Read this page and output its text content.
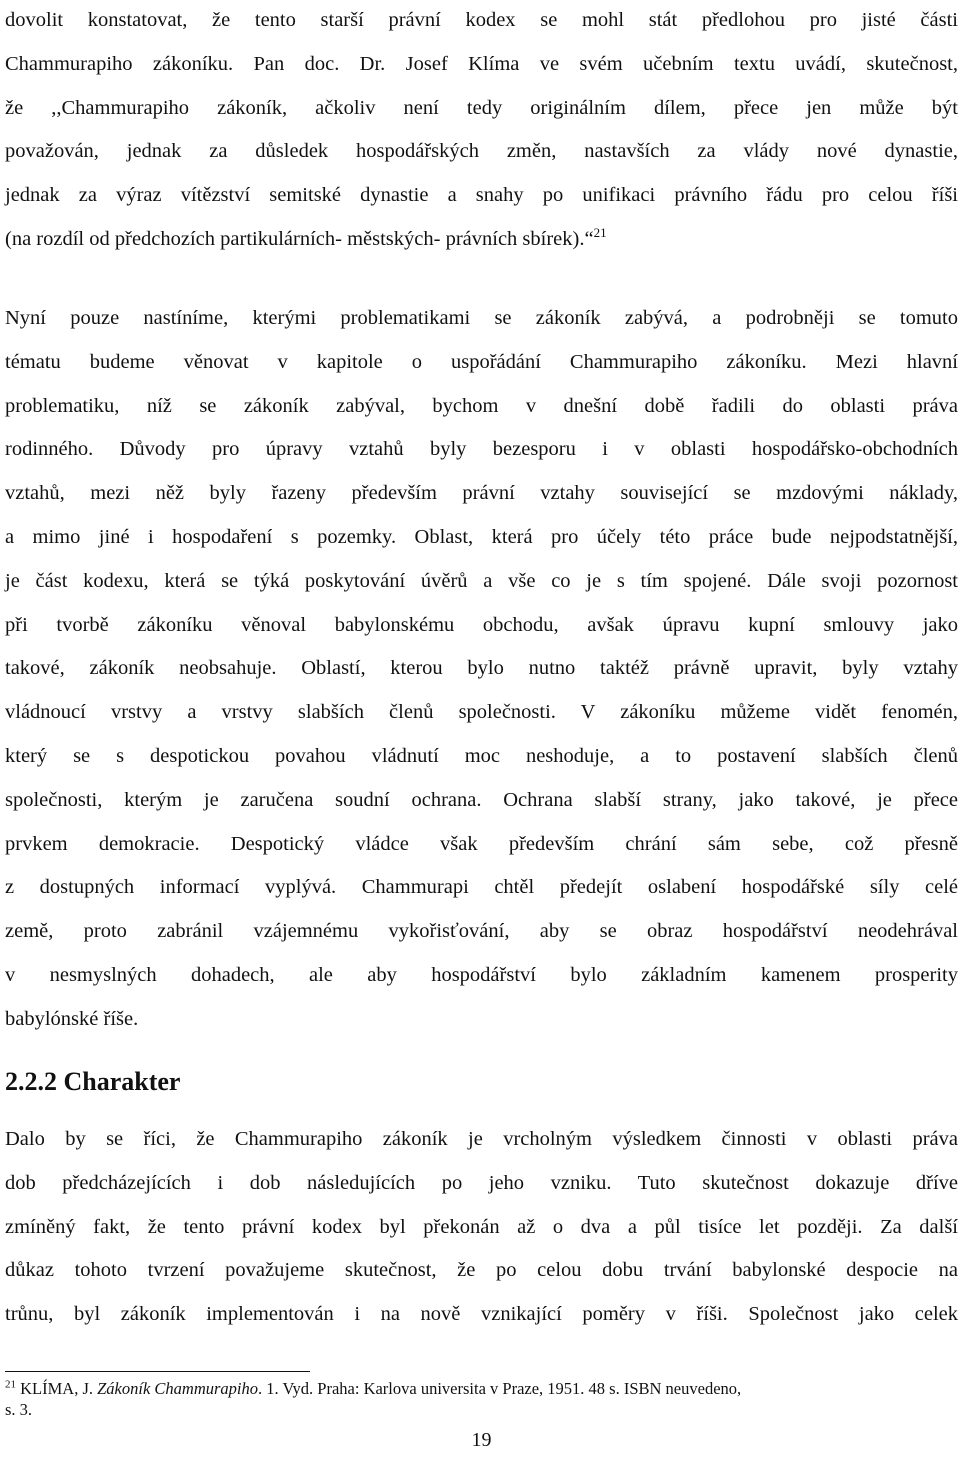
dovolit konstatovat, že tento starší právní kodex se mohl stát předlohou pro jisté části
Chammurapiho zákoníku. Pan doc. Dr. Josef Klíma ve svém učebním textu uvádí, skutečnost,
že ,,Chammurapiho zákoník, ačkoliv není tedy originálním dílem, přece jen může být
považován, jednak za důsledek hospodářských změn, nastavších za vlády nové dynastie,
jednak za výraz vítězství semitské dynastie a snahy po unifikaci právního řádu pro celou říši
(na rozdíl od předchozích partikulárních- městských- právních sbírek).“$^{21}$
Nyní pouze nastíníme, kterými problematikami se zákoník zabývá, a podrobněji se tomuto
tématu budeme věnovat v kapitole o uspořádání Chammurapiho zákoníku. Mezi hlavní
problematiku, níž se zákoník zabýval, bychom v dnešní době řadili do oblasti práva
rodinného. Důvody pro úpravy vztahů byly bezesporu i v oblasti hospodářsko-obchodních
vztahů, mezi něž byly řazeny především právní vztahy související se mzdovými náklady,
a mimo jiné i hospodaření s pozemky. Oblast, která pro účely této práce bude nejpodstatnější,
je část kodexu, která se týká poskytování úvěrů a vše co je s tím spojené. Dále svoji pozornost
při tvorbě zákoníku věnoval babylonskému obchodu, avšak úpravu kupní smlouvy jako
takové, zákoník neobsahuje. Oblastí, kterou bylo nutno taktéž právně upravit, byly vztahy
vládnoucí vrstvy a vrstvy slabších členů společnosti. V zákoníku můžeme vidět fenomén,
který se s despotickou povahou vládnutí moc neshoduje, a to postavení slabších členů
společnosti, kterým je zaručena soudní ochrana. Ochrana slabší strany, jako takové, je přece
prvkem demokracie. Despotický vládce však především chrání sám sebe, což přesně
z dostupných informací vyplývá. Chammurapi chtěl předejít oslabení hospodářské síly celé
země, proto zabránil vzájemnému vykořisťování, aby se obraz hospodářství neodehrával
v nesmyslných dohadech, ale aby hospodářství bylo základním kamenem prosperity
babylónské říše.
2.2.2 Charakter
Dalo by se říci, že Chammurapiho zákoník je vrcholným výsledkem činnosti v oblasti práva
dob předcházejících i dob následujících po jeho vzniku. Tuto skutečnost dokazuje dříve
zmíněný fakt, že tento právní kodex byl překonán až o dva a půl tisíce let později. Za další
důkaz tohoto tvrzení považujeme skutečnost, že po celou dobu trvání babylonské despocie na
trůnu, byl zákoník implementován i na nově vznikající poměry v říši. Společnost jako celek

$^{21}$ KLÍMA, J. Zákoník Chammurapiho. 1. Vyd. Praha: Karlova universita v Praze, 1951. 48 s. ISBN neuvedeno,
s. 3.

19
